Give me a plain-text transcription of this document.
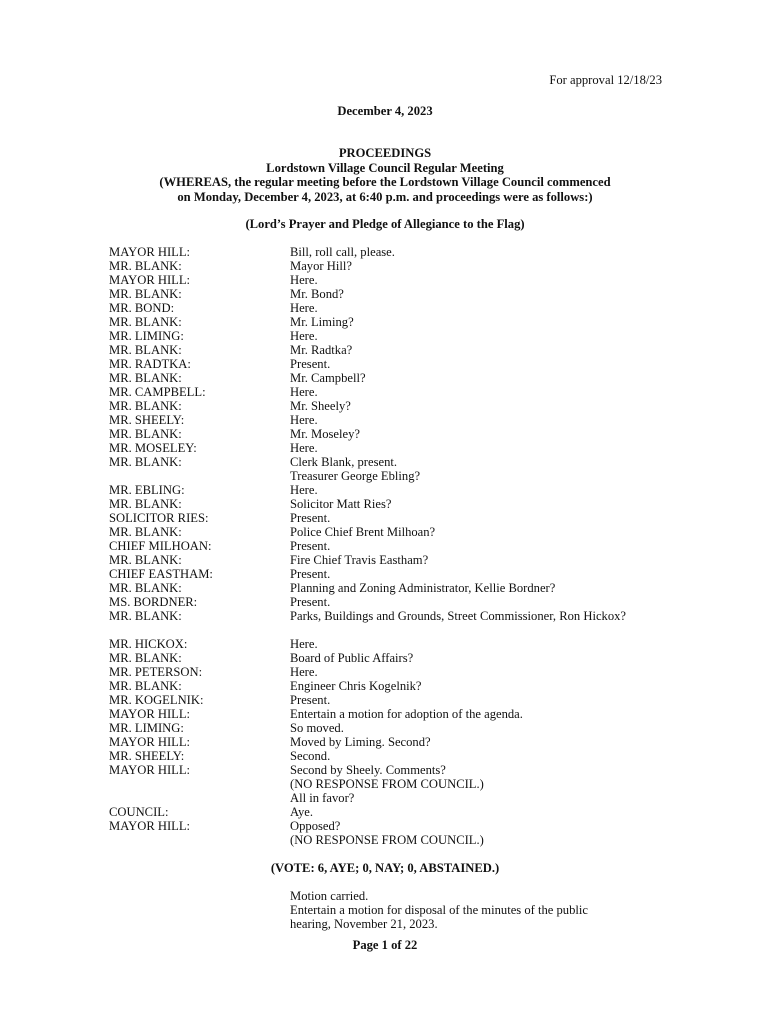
For approval 12/18/23
December 4, 2023
PROCEEDINGS
Lordstown Village Council Regular Meeting
(WHEREAS, the regular meeting before the Lordstown Village Council commenced
on Monday, December 4, 2023, at 6:40 p.m. and proceedings were as follows:)
(Lord’s Prayer and Pledge of Allegiance to the Flag)
MAYOR HILL:	Bill, roll call, please.
MR. BLANK:	Mayor Hill?
MAYOR HILL:	Here.
MR. BLANK:	Mr. Bond?
MR. BOND:	Here.
MR. BLANK:	Mr. Liming?
MR. LIMING:	Here.
MR. BLANK:	Mr. Radtka?
MR. RADTKA:	Present.
MR. BLANK:	Mr. Campbell?
MR. CAMPBELL:	Here.
MR. BLANK:	Mr. Sheely?
MR. SHEELY:	Here.
MR. BLANK:	Mr. Moseley?
MR. MOSELEY:	Here.
MR. BLANK:	Clerk Blank, present.
Treasurer George Ebling?
MR. EBLING:	Here.
MR. BLANK:	Solicitor Matt Ries?
SOLICITOR RIES:	Present.
MR. BLANK:	Police Chief Brent Milhoan?
CHIEF MILHOAN:	Present.
MR. BLANK:	Fire Chief Travis Eastham?
CHIEF EASTHAM:	Present.
MR. BLANK:	Planning and Zoning Administrator, Kellie Bordner?
MS. BORDNER:	Present.
MR. BLANK:	Parks, Buildings and Grounds, Street Commissioner, Ron Hickox?
MR. HICKOX:	Here.
MR. BLANK:	Board of Public Affairs?
MR. PETERSON:	Here.
MR. BLANK:	Engineer Chris Kogelnik?
MR. KOGELNIK:	Present.
MAYOR HILL:	Entertain a motion for adoption of the agenda.
MR. LIMING:	So moved.
MAYOR HILL:	Moved by Liming. Second?
MR. SHEELY:	Second.
MAYOR HILL:	Second by Sheely. Comments?
(NO RESPONSE FROM COUNCIL.)
All in favor?
COUNCIL:	Aye.
MAYOR HILL:	Opposed?
(NO RESPONSE FROM COUNCIL.)
(VOTE: 6, AYE; 0, NAY; 0, ABSTAINED.)
Motion carried.
Entertain a motion for disposal of the minutes of the public
hearing, November 21, 2023.
Page 1 of 22
